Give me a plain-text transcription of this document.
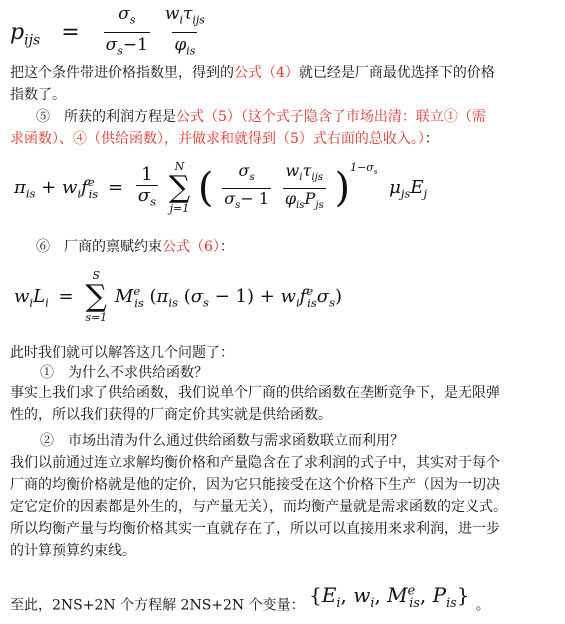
$p_{ijs} = \frac{\sigma_s}{\sigma_s-1}$
$\frac{w_i\tau_{ijs}}{\varphi_{is}}$
把这个条件带进价格指数里，得到的公式（4）就已经是厂商最优选择下的价格
指数了。
⑤　所获的利润方程是公式（5）（这个式子隐含了市场出清：联立①（需
求函数）、④（供给函数），并做求和就得到（5）式右面的总收入。）：
$\pi_{is} + w_if^e_{is} = \frac{1}{\sigma_s}$
N
∑
j=1 ( $\frac{\sigma_s}{\sigma_s- 1}$
$\frac{w_i\tau_{ijs}}{\varphi_{is}P_{js}} )^{1-\sigma_s}$ $\mu_{js}E_j$
⑥　厂商的禀赋约束公式（6）：
$w_iL_i$ =
S
∑
s=1
$M^e_{is}$ ($\pi_{is}$ $(\sigma_s - 1) + w_if^e_{is}\sigma_s$)
此时我们就可以解答这几个问题了：
①　为什么不求供给函数？
事实上我们求了供给函数，我们说单个厂商的供给函数在垄断竞争下，是无限弹
性的，所以我们获得的厂商定价其实就是供给函数。
②　市场出清为什么通过供给函数与需求函数联立而利用？
我们以前通过连立求解均衡价格和产量隐含在了求利润的式子中，其实对于每个
厂商的均衡价格就是他的定价，因为它只能接受在这个价格下生产（因为一切决
定它定价的因素都是外生的，与产量无关），而均衡产量就是需求函数的定义式。
所以均衡产量与均衡价格其实一直就存在了，所以可以直接用来求利润，进一步
的计算预算约束线。
至此，2NS+2N 个方程解 2NS+2N 个变量： {$E_i$, $w_i$, $M^e_{is}$, $P_{is}$} 。
